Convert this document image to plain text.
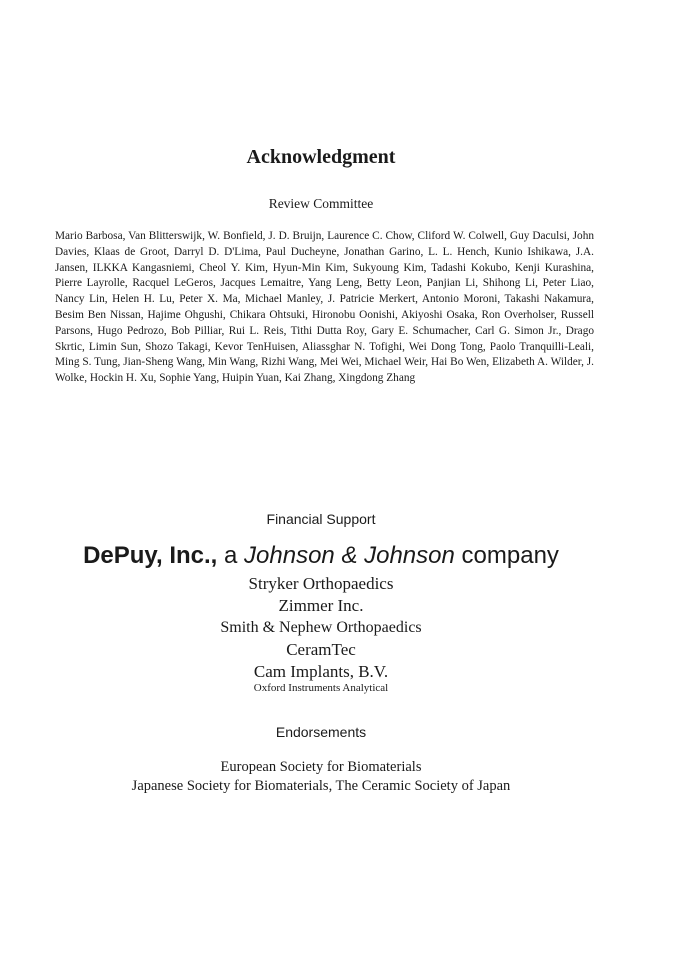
Acknowledgment
Review Committee
Mario Barbosa, Van Blitterswijk, W. Bonfield, J. D. Bruijn, Laurence C. Chow, Cliford W. Colwell, Guy Daculsi, John Davies, Klaas de Groot, Darryl D. D'Lima, Paul Ducheyne, Jonathan Garino, L. L. Hench, Kunio Ishikawa, J.A. Jansen, ILKKA Kangasniemi, Cheol Y. Kim, Hyun-Min Kim, Sukyoung Kim, Tadashi Kokubo, Kenji Kurashina, Pierre Layrolle, Racquel LeGeros, Jacques Lemaitre, Yang Leng, Betty Leon, Panjian Li, Shihong Li, Peter Liao, Nancy Lin, Helen H. Lu, Peter X. Ma, Michael Manley, J. Patricie Merkert, Antonio Moroni, Takashi Nakamura, Besim Ben Nissan, Hajime Ohgushi, Chikara Ohtsuki, Hironobu Oonishi, Akiyoshi Osaka, Ron Overholser, Russell Parsons, Hugo Pedrozo, Bob Pilliar, Rui L. Reis, Tithi Dutta Roy, Gary E. Schumacher, Carl G. Simon Jr., Drago Skrtic, Limin Sun, Shozo Takagi, Kevor TenHuisen, Aliassghar N. Tofighi, Wei Dong Tong, Paolo Tranquilli-Leali, Ming S. Tung, Jian-Sheng Wang, Min Wang, Rizhi Wang, Mei Wei, Michael Weir, Hai Bo Wen, Elizabeth A. Wilder, J. Wolke, Hockin H. Xu, Sophie Yang, Huipin Yuan, Kai Zhang, Xingdong Zhang
Financial Support
DePuy, Inc., a Johnson & Johnson company
Stryker Orthopaedics
Zimmer Inc.
Smith & Nephew Orthopaedics
CeramTec
Cam Implants, B.V.
Oxford Instruments Analytical
Endorsements
European Society for Biomaterials
Japanese Society for Biomaterials, The Ceramic Society of Japan
